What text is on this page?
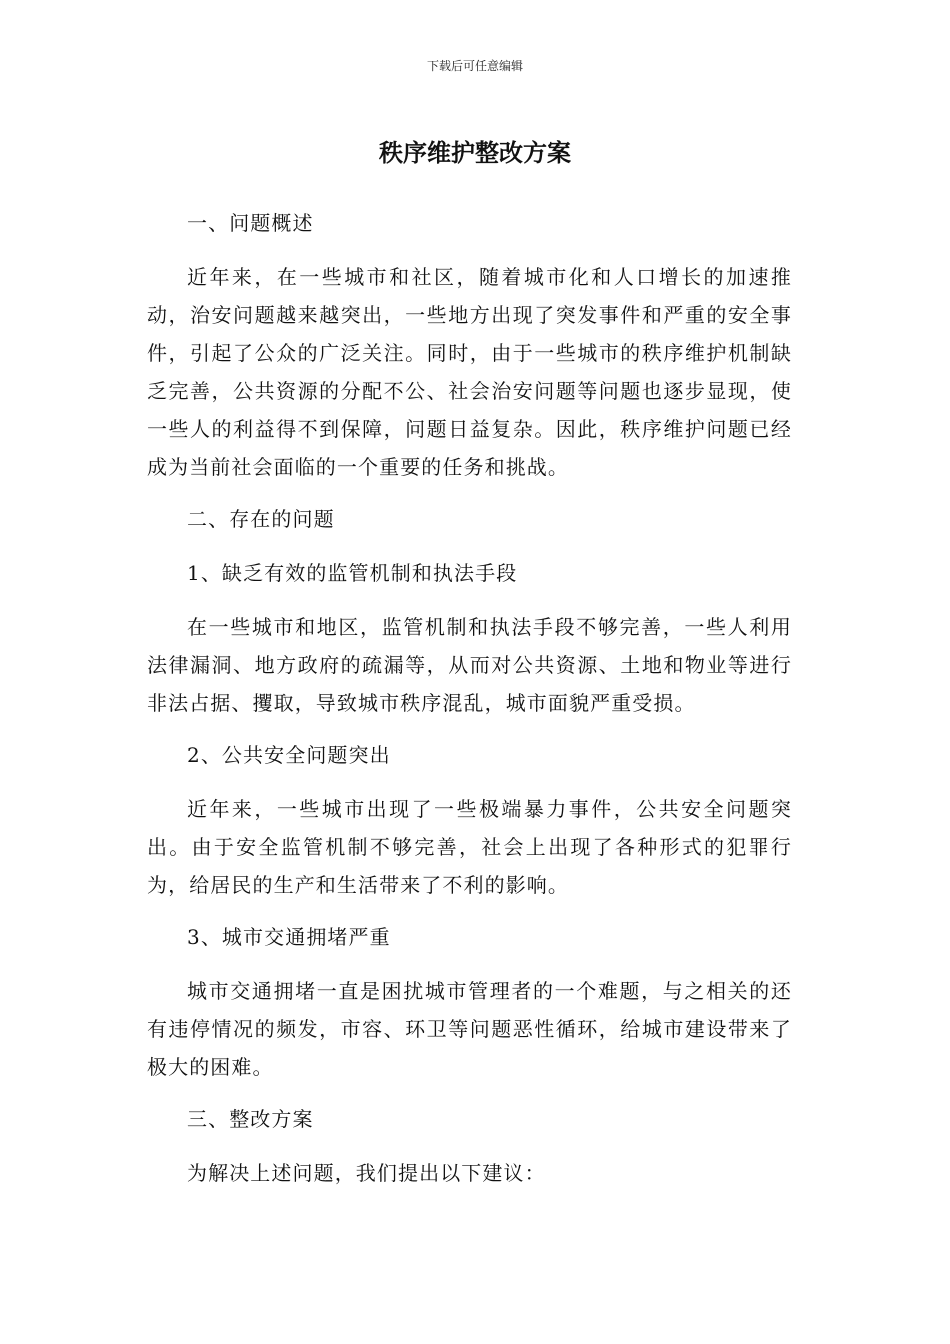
下载后可任意编辑
秩序维护整改方案

一、问题概述

近年来，在一些城市和社区，随着城市化和人口增长的加速推动，治安问题越来越突出，一些地方出现了突发事件和严重的安全事件，引起了公众的广泛关注。同时，由于一些城市的秩序维护机制缺乏完善，公共资源的分配不公、社会治安问题等问题也逐步显现，使一些人的利益得不到保障，问题日益复杂。因此，秩序维护问题已经成为当前社会面临的一个重要的任务和挑战。

二、存在的问题

1、缺乏有效的监管机制和执法手段

在一些城市和地区，监管机制和执法手段不够完善，一些人利用法律漏洞、地方政府的疏漏等，从而对公共资源、土地和物业等进行非法占据、攫取，导致城市秩序混乱，城市面貌严重受损。

2、公共安全问题突出

近年来，一些城市出现了一些极端暴力事件，公共安全问题突出。由于安全监管机制不够完善，社会上出现了各种形式的犯罪行为，给居民的生产和生活带来了不利的影响。

3、城市交通拥堵严重

城市交通拥堵一直是困扰城市管理者的一个难题，与之相关的还有违停情况的频发，市容、环卫等问题恶性循环，给城市建设带来了极大的困难。

三、整改方案

为解决上述问题，我们提出以下建议：
